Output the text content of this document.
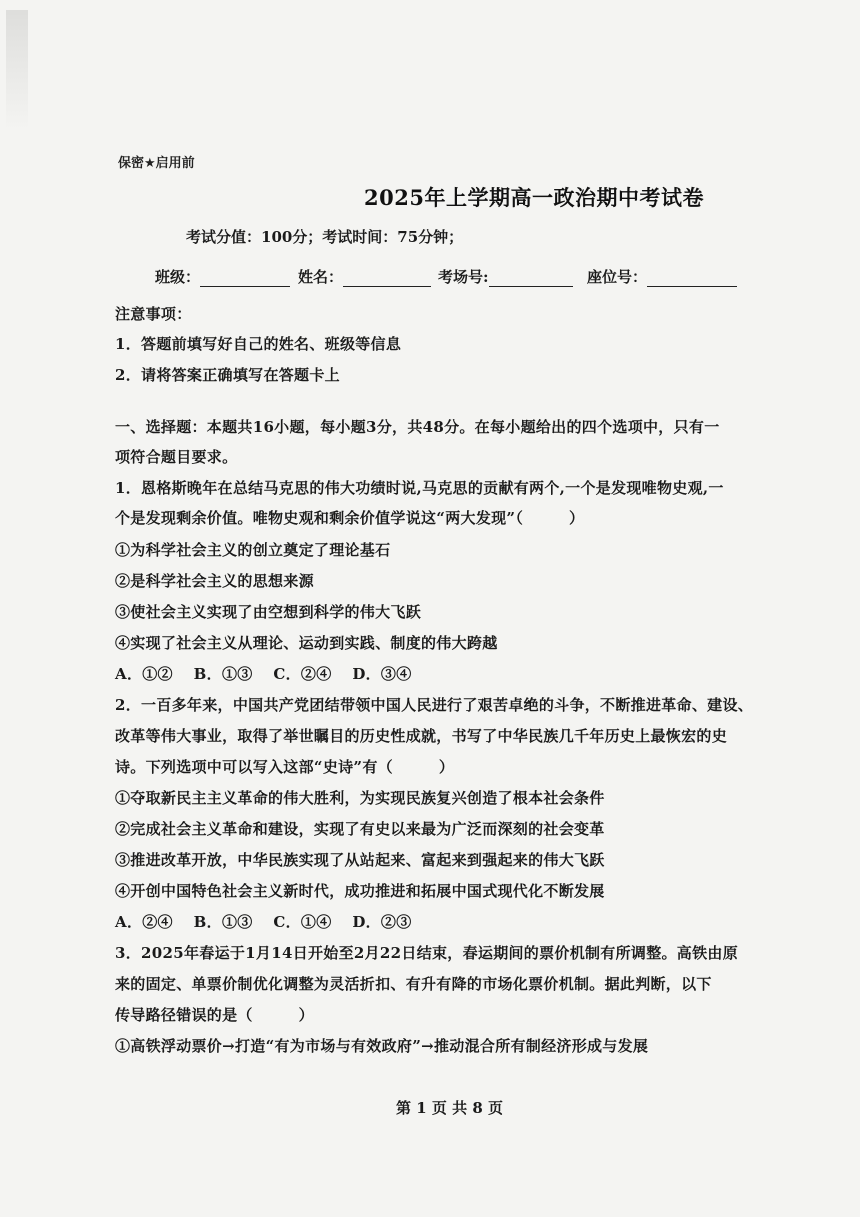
保密★启用前
2025年上学期高一政治期中考试卷
考试分值：100分；考试时间：75分钟；
班级：	姓名：	考场号:	座位号：
注意事项：
1．答题前填写好自己的姓名、班级等信息
2．请将答案正确填写在答题卡上
一、选择题：本题共16小题，每小题3分，共48分。在每小题给出的四个选项中，只有一
项符合题目要求。
1．恩格斯晚年在总结马克思的伟大功绩时说,马克思的贡献有两个,一个是发现唯物史观,一
个是发现剩余价值。唯物史观和剩余价值学说这“两大发现”（　　　）
①为科学社会主义的创立奠定了理论基石
②是科学社会主义的思想来源
③使社会主义实现了由空想到科学的伟大飞跃
④实现了社会主义从理论、运动到实践、制度的伟大跨越
A．①②　 B．①③　 C．②④　 D．③④
2．一百多年来，中国共产党团结带领中国人民进行了艰苦卓绝的斗争，不断推进革命、建设、
改革等伟大事业，取得了举世瞩目的历史性成就，书写了中华民族几千年历史上最恢宏的史
诗。下列选项中可以写入这部“史诗”有（　　　）
①夺取新民主主义革命的伟大胜利，为实现民族复兴创造了根本社会条件
②完成社会主义革命和建设，实现了有史以来最为广泛而深刻的社会变革
③推进改革开放，中华民族实现了从站起来、富起来到强起来的伟大飞跃
④开创中国特色社会主义新时代，成功推进和拓展中国式现代化不断发展
A．②④　 B．①③　 C．①④　 D．②③
3．2025年春运于1月14日开始至2月22日结束，春运期间的票价机制有所调整。高铁由原
来的固定、单票价制优化调整为灵活折扣、有升有降的市场化票价机制。据此判断，以下
传导路径错误的是（　　　）
①高铁浮动票价→打造“有为市场与有效政府”→推动混合所有制经济形成与发展
第 1 页 共 8 页
